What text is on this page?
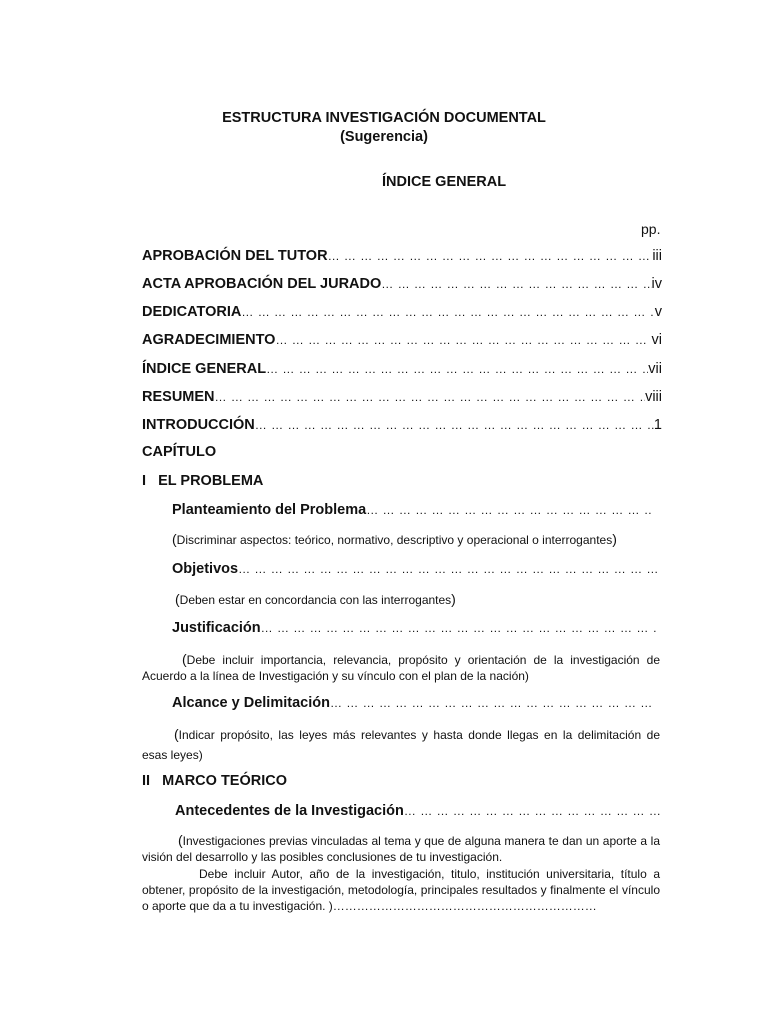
ESTRUCTURA INVESTIGACIÓN DOCUMENTAL
(Sugerencia)
ÍNDICE GENERAL
pp.
APROBACIÓN DEL TUTOR … … … … … … … … … … … … … … … … … … … … … … … … … … … … … … … … … … … … … … … … … … … …	iii
ACTA APROBACIÓN DEL JURADO … … … … … … … … … … … … … … … … … … … … … … … … … … … … … … … … … … … … … … … … … … … …	iv
DEDICATORIA … … … … … … … … … … … … … … … … … … … … … … … … … … … … … … … … … … … … … … … … … … … …	v
AGRADECIMIENTO … … … … … … … … … … … … … … … … … … … … … … … … … … … … … … … … … … … … … … … … … … … …	vi
ÍNDICE GENERAL … … … … … … … … … … … … … … … … … … … … … … … … … … … … … … … … … … … … … … … … … … … …	vii
RESUMEN … … … … … … … … … … … … … … … … … … … … … … … … … … … … … … … … … … … … … … … … … … … …	viii
INTRODUCCIÓN … … … … … … … … … … … … … … … … … … … … … … … … … … … … … … … … … … … … … … … … … … … …	1
CAPÍTULO
I   EL PROBLEMA
Planteamiento del Problema
… … … … … … … … … … … … … … … … … … … … … … … … … … … … … … … … … … … … … … … … … … … …
(Discriminar aspectos: teórico, normativo, descriptivo y operacional o interrogantes)
Objetivos
… … … … … … … … … … … … … … … … … … … … … … … … … … … … … … … … … … … … … … … … … … … …
(Deben estar en concordancia con las interrogantes)
Justificación
… … … … … … … … … … … … … … … … … … … … … … … … … … … … … … … … … … … … … … … … … … … …
(Debe incluir importancia, relevancia, propósito y orientación de la investigación de Acuerdo a la línea de Investigación y su vínculo con el plan de la nación)
Alcance y Delimitación
… … … … … … … … … … … … … … … … … … … … … … … … … … … … … … … … … … … … … … … … … … … …
(Indicar propósito, las leyes más relevantes y hasta donde llegas en la delimitación de esas leyes)
II   MARCO TEÓRICO
Antecedentes de la Investigación
… … … … … … … … … … … … … … … … … … … … … … … … … … … … … … … … … … … … … … … … … … … …
(Investigaciones previas vinculadas al tema y que de alguna manera te dan un aporte a la visión del desarrollo y las posibles conclusiones de tu investigación.
Debe incluir Autor, año de la investigación, titulo, institución universitaria, título a obtener, propósito de la investigación, metodología, principales resultados y finalmente el vínculo o aporte que da a tu investigación. )…………………………………………………………
